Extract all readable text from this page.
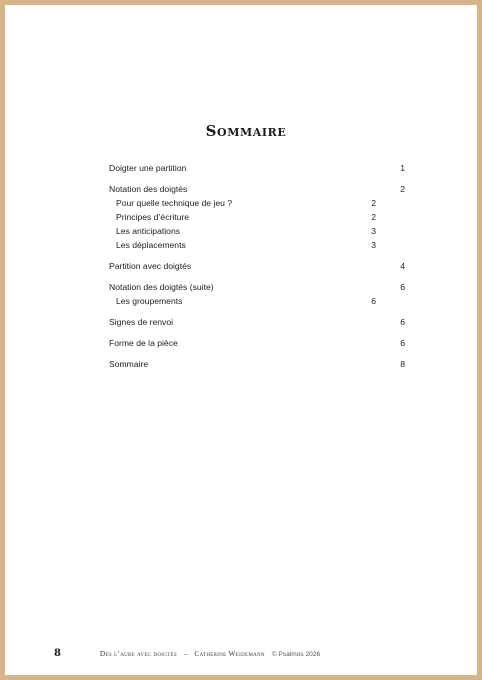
Sommaire
Doigter une partition	1
Notation des doigtés	2
Pour quelle technique de jeu ?	2
Principes d’écriture	2
Les anticipations	3
Les déplacements	3
Partition avec doigtés	4
Notation des doigtés (suite)	6
Les groupements	6
Signes de renvoi	6
Forme de la pièce	6
Sommaire	8
8	Dès l’aube avec doigtés – Catherine Weidemann © Psalmos 2026
